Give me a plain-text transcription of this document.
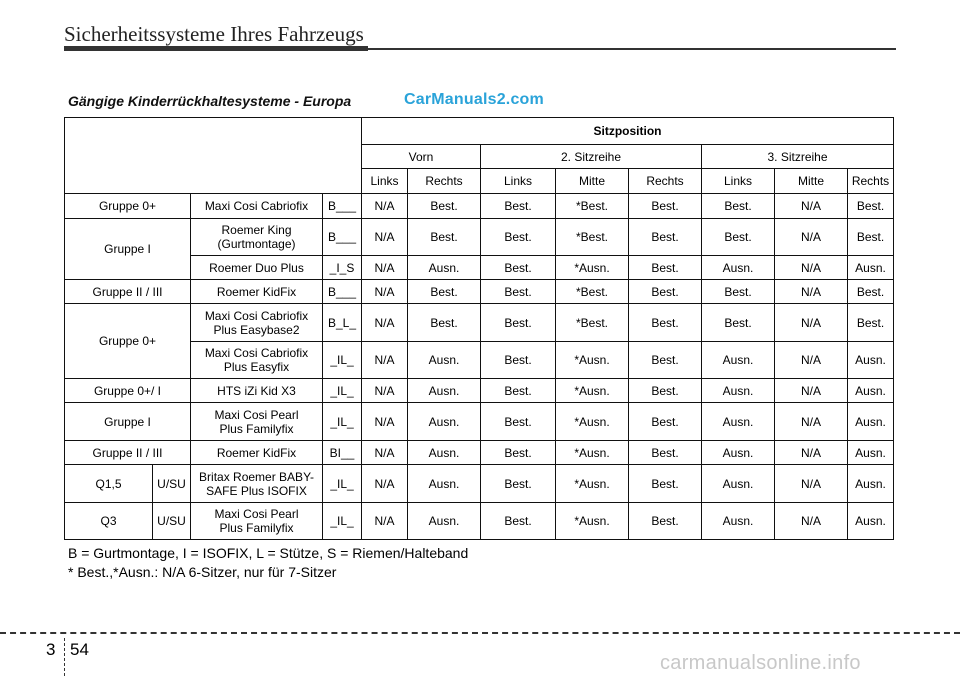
Sicherheitssysteme Ihres Fahrzeugs
Gängige Kinderrückhaltesysteme - Europa	CarManuals2.com
				Sitzposition							
				Vorn		2. Sitzreihe			3. Sitzreihe		
				Links	Rechts	Links	Mitte	Rechts	Links	Mitte	Rechts
Gruppe 0+		Maxi Cosi Cabriofix	B___	N/A	Best.	Best.	*Best.	Best.	Best.	N/A	Best.
Gruppe I		Roemer King
(Gurtmontage)	B___	N/A	Best.	Best.	*Best.	Best.	Best.	N/A	Best.
		Roemer Duo Plus	_I_S	N/A	Ausn.	Best.	*Ausn.	Best.	Ausn.	N/A	Ausn.
Gruppe II / III		Roemer KidFix	B___	N/A	Best.	Best.	*Best.	Best.	Best.	N/A	Best.
Gruppe 0+		Maxi Cosi Cabriofix
Plus Easybase2	B_L_	N/A	Best.	Best.	*Best.	Best.	Best.	N/A	Best.
		Maxi Cosi Cabriofix
Plus Easyfix	_IL_	N/A	Ausn.	Best.	*Ausn.	Best.	Ausn.	N/A	Ausn.
Gruppe 0+/ I		HTS iZi Kid X3	_IL_	N/A	Ausn.	Best.	*Ausn.	Best.	Ausn.	N/A	Ausn.
Gruppe I		Maxi Cosi Pearl
Plus Familyfix	_IL_	N/A	Ausn.	Best.	*Ausn.	Best.	Ausn.	N/A	Ausn.
Gruppe II / III		Roemer KidFix	BI__	N/A	Ausn.	Best.	*Ausn.	Best.	Ausn.	N/A	Ausn.
Q1,5	U/SU	Britax Roemer BABY-
SAFE Plus ISOFIX	_IL_	N/A	Ausn.	Best.	*Ausn.	Best.	Ausn.	N/A	Ausn.
Q3	U/SU	Maxi Cosi Pearl
Plus Familyfix	_IL_	N/A	Ausn.	Best.	*Ausn.	Best.	Ausn.	N/A	Ausn.
B = Gurtmontage, I = ISOFIX, L = Stütze, S = Riemen/Halteband
* Best.,*Ausn.: N/A 6-Sitzer, nur für 7-Sitzer
3 54
carmanualsonline.info
